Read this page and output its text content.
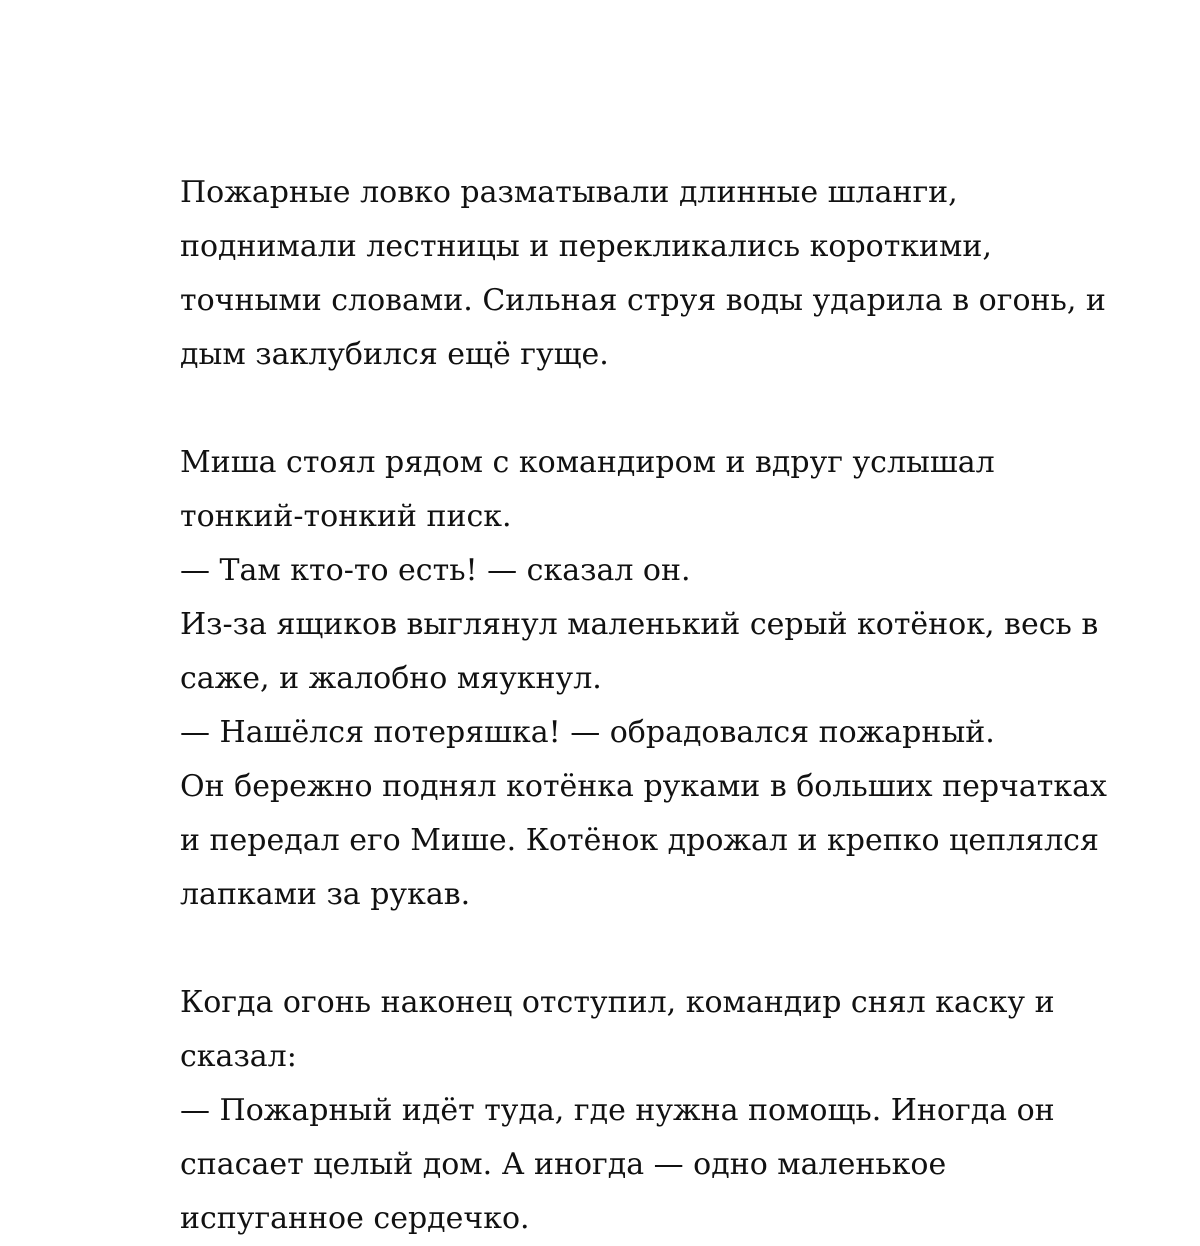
Пожарные ловко разматывали длинные шланги,
поднимали лестницы и перекликались короткими,
точными словами. Сильная струя воды ударила в огонь, и
дым заклубился ещё гуще.

Миша стоял рядом с командиром и вдруг услышал
тонкий-тонкий писк.
— Там кто-то есть! — сказал он.
Из-за ящиков выглянул маленький серый котёнок, весь в
саже, и жалобно мяукнул.
— Нашёлся потеряшка! — обрадовался пожарный.
Он бережно поднял котёнка руками в больших перчатках
и передал его Мише. Котёнок дрожал и крепко цеплялся
лапками за рукав.

Когда огонь наконец отступил, командир снял каску и
сказал:
— Пожарный идёт туда, где нужна помощь. Иногда он
спасает целый дом. А иногда — одно маленькое
испуганное сердечко.
